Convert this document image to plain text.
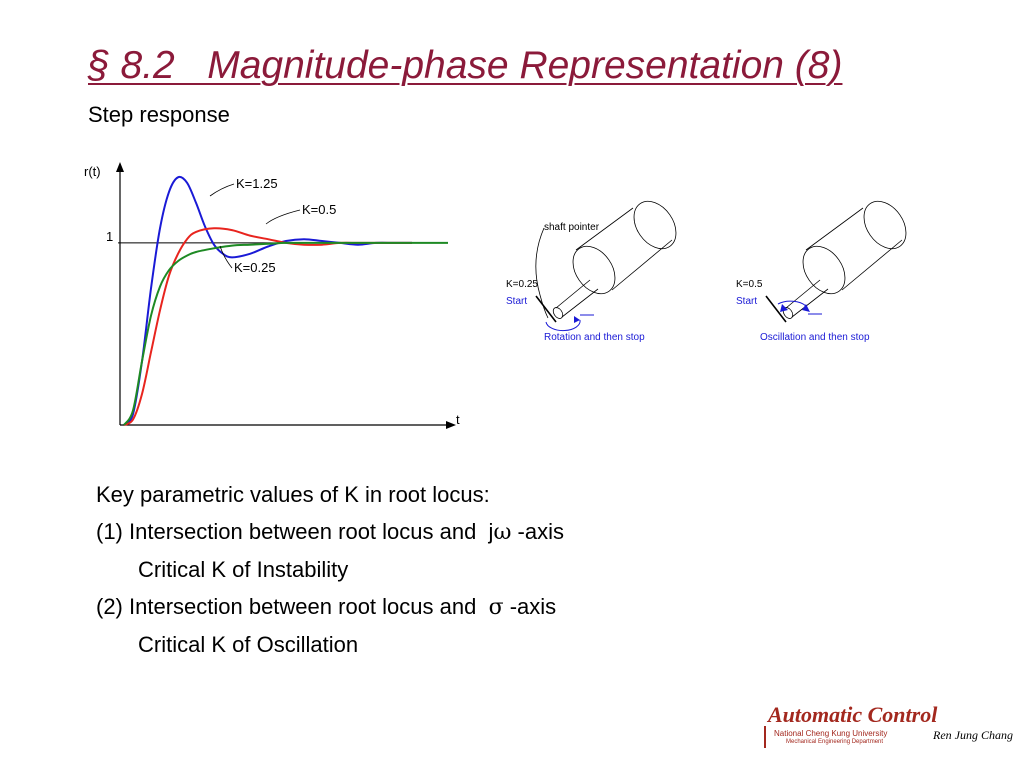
§ 8.2   Magnitude-phase Representation (8)
Step response
r(t)
t
1
K=1.25
K=0.5
K=0.25
shaft pointer
K=0.25
Start
Rotation and then stop
K=0.5
Start
Oscillation and then stop
Key parametric values of K in root locus:
(1) Intersection between root locus and  jω -axis
Critical K of Instability
(2) Intersection between root locus and  σ -axis
Critical K of Oscillation
Automatic Control
National Cheng Kung University
Mechanical Engineering Department	Ren Jung Chang
